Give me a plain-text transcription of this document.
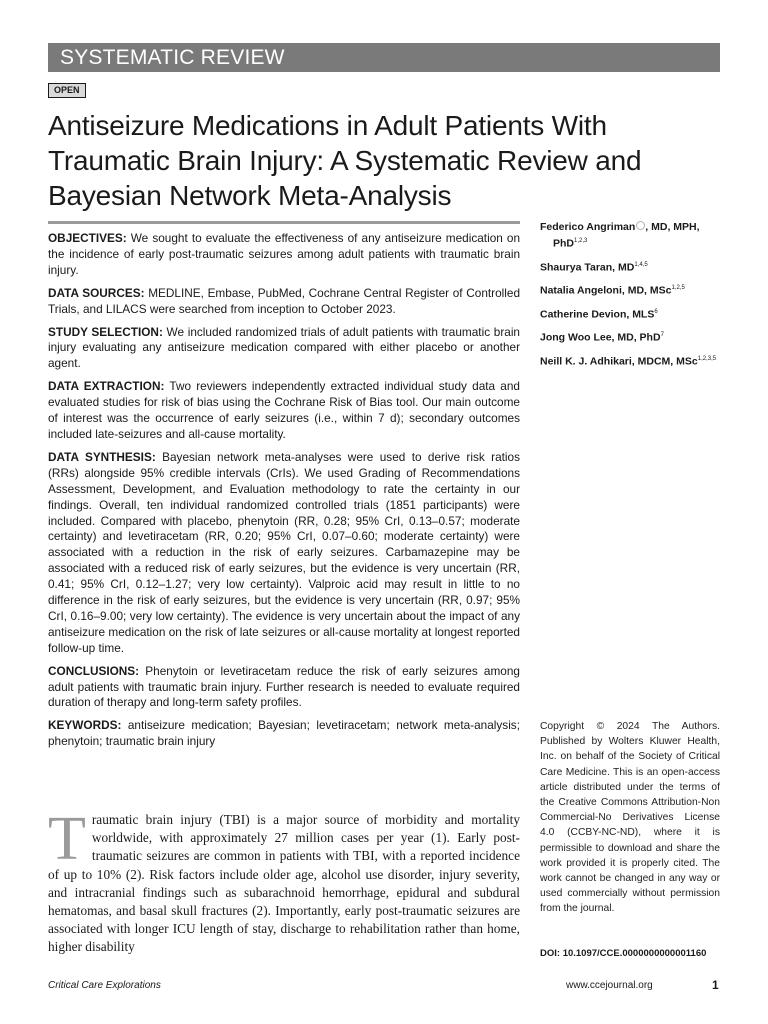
SYSTEMATIC REVIEW
OPEN
Antiseizure Medications in Adult Patients With Traumatic Brain Injury: A Systematic Review and Bayesian Network Meta-Analysis

OBJECTIVES: We sought to evaluate the effectiveness of any antiseizure medication on the incidence of early post-traumatic seizures among adult patients with traumatic brain injury.

DATA SOURCES: MEDLINE, Embase, PubMed, Cochrane Central Register of Controlled Trials, and LILACS were searched from inception to October 2023.

STUDY SELECTION: We included randomized trials of adult patients with traumatic brain injury evaluating any antiseizure medication compared with either placebo or another agent.

DATA EXTRACTION: Two reviewers independently extracted individual study data and evaluated studies for risk of bias using the Cochrane Risk of Bias tool. Our main outcome of interest was the occurrence of early seizures (i.e., within 7 d); secondary outcomes included late-seizures and all-cause mortality.

DATA SYNTHESIS: Bayesian network meta-analyses were used to derive risk ratios (RRs) alongside 95% credible intervals (CrIs). We used Grading of Recommendations Assessment, Development, and Evaluation methodology to rate the certainty in our findings. Overall, ten individual randomized controlled trials (1851 participants) were included. Compared with placebo, phenytoin (RR, 0.28; 95% CrI, 0.13–0.57; moderate certainty) and levetiracetam (RR, 0.20; 95% CrI, 0.07–0.60; moderate certainty) were associated with a reduction in the risk of early seizures. Carbamazepine may be associated with a reduced risk of early seizures, but the evidence is very uncertain (RR, 0.41; 95% CrI, 0.12–1.27; very low certainty). Valproic acid may result in little to no difference in the risk of early seizures, but the evidence is very uncertain (RR, 0.97; 95% CrI, 0.16–9.00; very low certainty). The evidence is very uncertain about the impact of any antiseizure medication on the risk of late seizures or all-cause mortality at longest reported follow-up time.

CONCLUSIONS: Phenytoin or levetiracetam reduce the risk of early seizures among adult patients with traumatic brain injury. Further research is needed to evaluate required duration of therapy and long-term safety profiles.

KEYWORDS: antiseizure medication; Bayesian; levetiracetam; network meta-analysis; phenytoin; traumatic brain injury

Federico Angriman , MD, MPH, PhD$^{1,2,3}$
Shaurya Taran, MD$^{1,4,5}$
Natalia Angeloni, MD, MSc$^{1,2,5}$
Catherine Devion, MLS$^6$
Jong Woo Lee, MD, PhD$^7$
Neill K. J. Adhikari, MDCM, MSc$^{1,2,3,5}$
Copyright © 2024 The Authors. Published by Wolters Kluwer Health, Inc. on behalf of the Society of Critical Care Medicine. This is an open-access article distributed under the terms of the Creative Commons Attribution-Non Commercial-No Derivatives License 4.0 (CCBY-NC-ND), where it is permissible to download and share the work provided it is properly cited. The work cannot be changed in any way or used commercially without permission from the journal.
DOI: 10.1097/CCE.0000000000001160

Traumatic brain injury (TBI) is a major source of morbidity and mortality worldwide, with approximately 27 million cases per year (1). Early post-traumatic seizures are common in patients with TBI, with a reported incidence of up to 10% (2). Risk factors include older age, alcohol use disorder, injury severity, and intracranial findings such as subarachnoid hemorrhage, epidural and subdural hematomas, and basal skull fractures (2). Importantly, early post-traumatic seizures are associated with longer ICU length of stay, discharge to rehabilitation rather than home, higher disability

Critical Care Explorations	www.ccejournal.org	1
